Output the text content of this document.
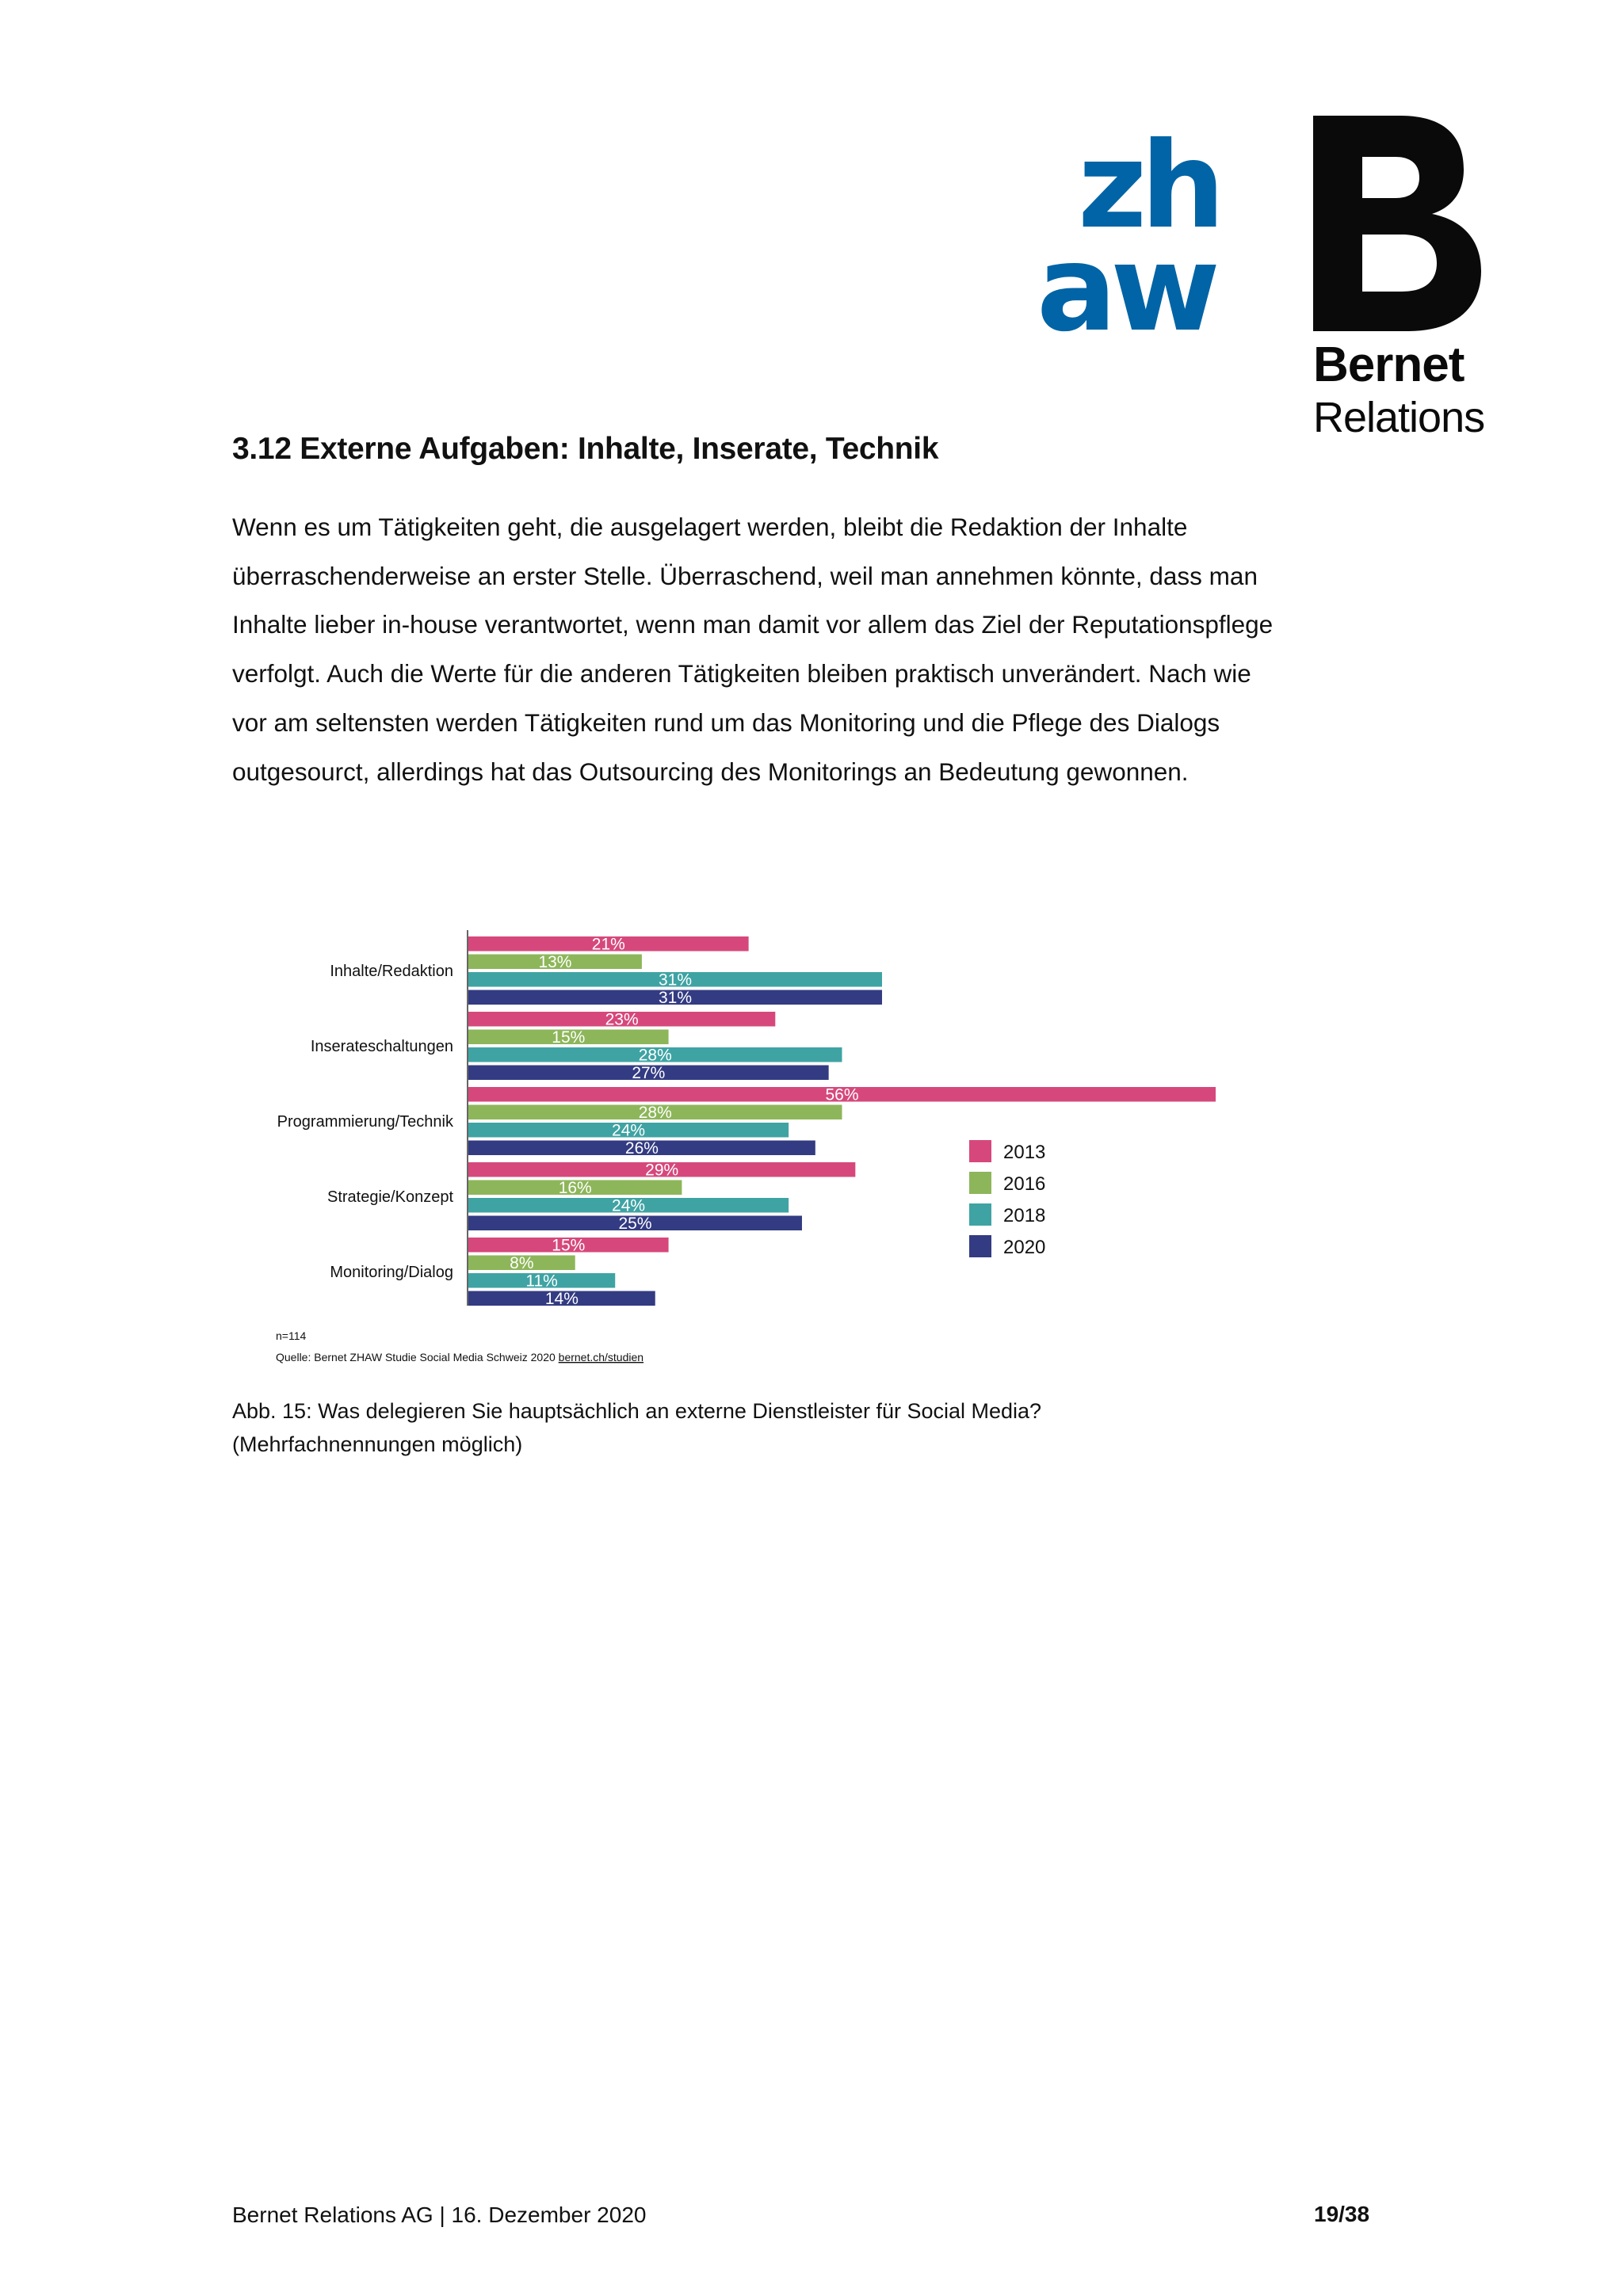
zh
aw
Bernet
Relations
3.12 Externe Aufgaben: Inhalte, Inserate, Technik

Wenn es um Tätigkeiten geht, die ausgelagert werden, bleibt die Redaktion der Inhalte überraschenderweise an erster Stelle. Überraschend, weil man annehmen könnte, dass man Inhalte lieber in-house verantwortet, wenn man damit vor allem das Ziel der Reputationspflege verfolgt. Auch die Werte für die anderen Tätigkeiten bleiben praktisch unverändert. Nach wie vor am seltensten werden Tätigkeiten rund um das Monitoring und die Pflege des Dialogs outgesourct, allerdings hat das Outsourcing des Monitorings an Bedeutung gewonnen.

Inhalte/Redaktion
21%
13%
31%
31%
Inserateschaltungen
23%
15%
28%
27%
Programmierung/Technik
56%
28%
24%
26%
Strategie/Konzept
29%
16%
24%
25%
Monitoring/Dialog
15%
8%
11%
14%
2013
2016
2018
2020
n=114
Quelle: Bernet ZHAW Studie Social Media Schweiz 2020 bernet.ch/studien

Abb. 15: Was delegieren Sie hauptsächlich an externe Dienstleister für Social Media?
(Mehrfachnennungen möglich)

Bernet Relations AG | 16. Dezember 2020	19/38
